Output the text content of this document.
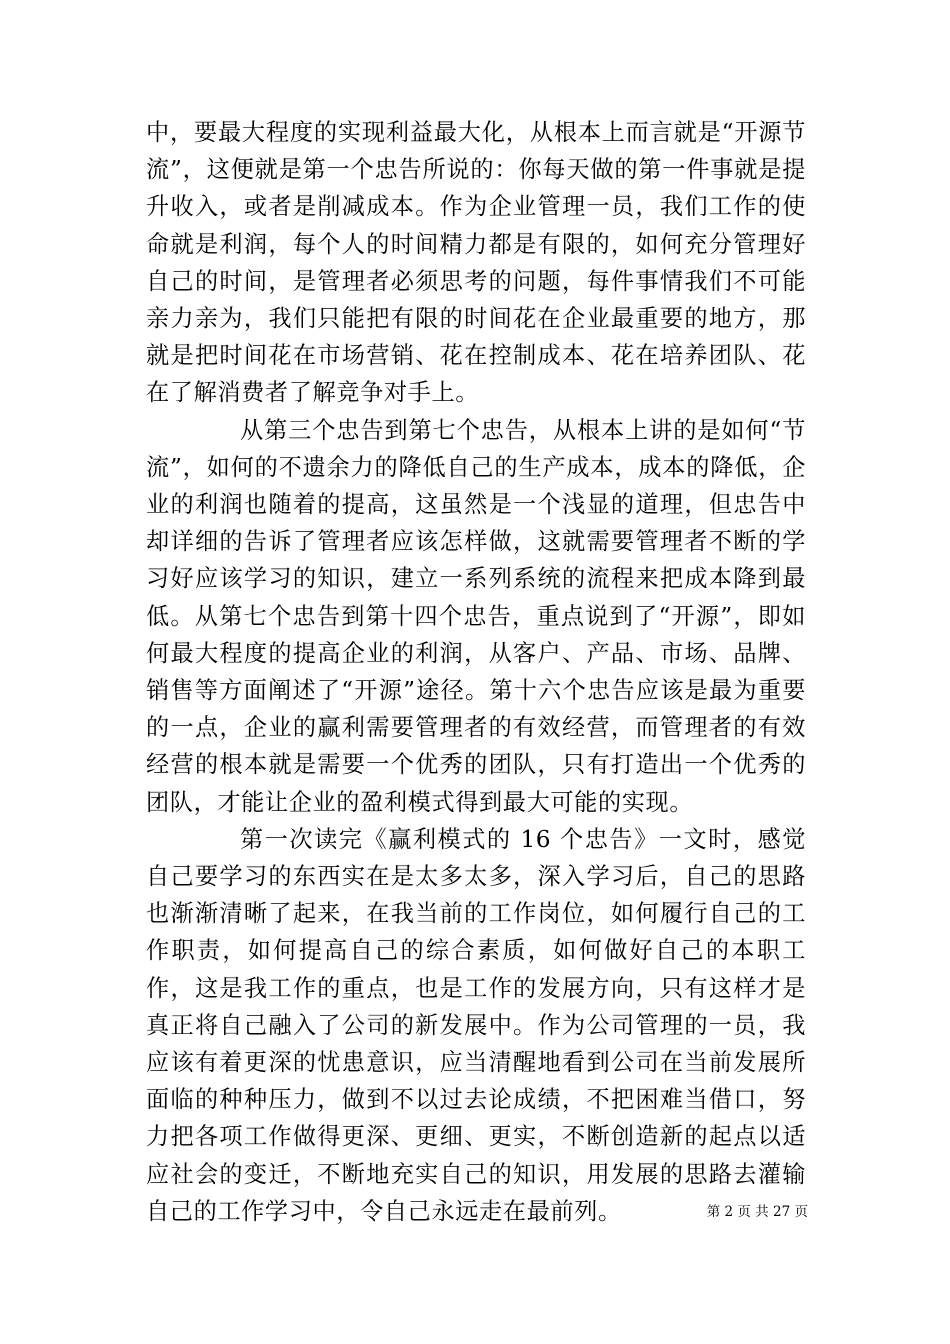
中，要最大程度的实现利益最大化，从根本上而言就是“开源节流”，这便就是第一个忠告所说的：你每天做的第一件事就是提升收入，或者是削减成本。作为企业管理一员，我们工作的使命就是利润，每个人的时间精力都是有限的，如何充分管理好自己的时间，是管理者必须思考的问题，每件事情我们不可能亲力亲为，我们只能把有限的时间花在企业最重要的地方，那就是把时间花在市场营销、花在控制成本、花在培养团队、花在了解消费者了解竞争对手上。

从第三个忠告到第七个忠告，从根本上讲的是如何“节流”，如何的不遗余力的降低自己的生产成本，成本的降低，企业的利润也随着的提高，这虽然是一个浅显的道理，但忠告中却详细的告诉了管理者应该怎样做，这就需要管理者不断的学习好应该学习的知识，建立一系列系统的流程来把成本降到最低。从第七个忠告到第十四个忠告，重点说到了“开源”，即如何最大程度的提高企业的利润，从客户、产品、市场、品牌、销售等方面阐述了“开源”途径。第十六个忠告应该是最为重要的一点，企业的赢利需要管理者的有效经营，而管理者的有效经营的根本就是需要一个优秀的团队，只有打造出一个优秀的团队，才能让企业的盈利模式得到最大可能的实现。

第一次读完《赢利模式的 16 个忠告》一文时，感觉自己要学习的东西实在是太多太多，深入学习后，自己的思路也渐渐清晰了起来，在我当前的工作岗位，如何履行自己的工作职责，如何提高自己的综合素质，如何做好自己的本职工作，这是我工作的重点，也是工作的发展方向，只有这样才是真正将自己融入了公司的新发展中。作为公司管理的一员，我应该有着更深的忧患意识，应当清醒地看到公司在当前发展所面临的种种压力，做到不以过去论成绩，不把困难当借口，努力把各项工作做得更深、更细、更实，不断创造新的起点以适应社会的变迁，不断地充实自己的知识，用发展的思路去灌输自己的工作学习中，令自己永远走在最前列。	第 2 页 共 27 页
